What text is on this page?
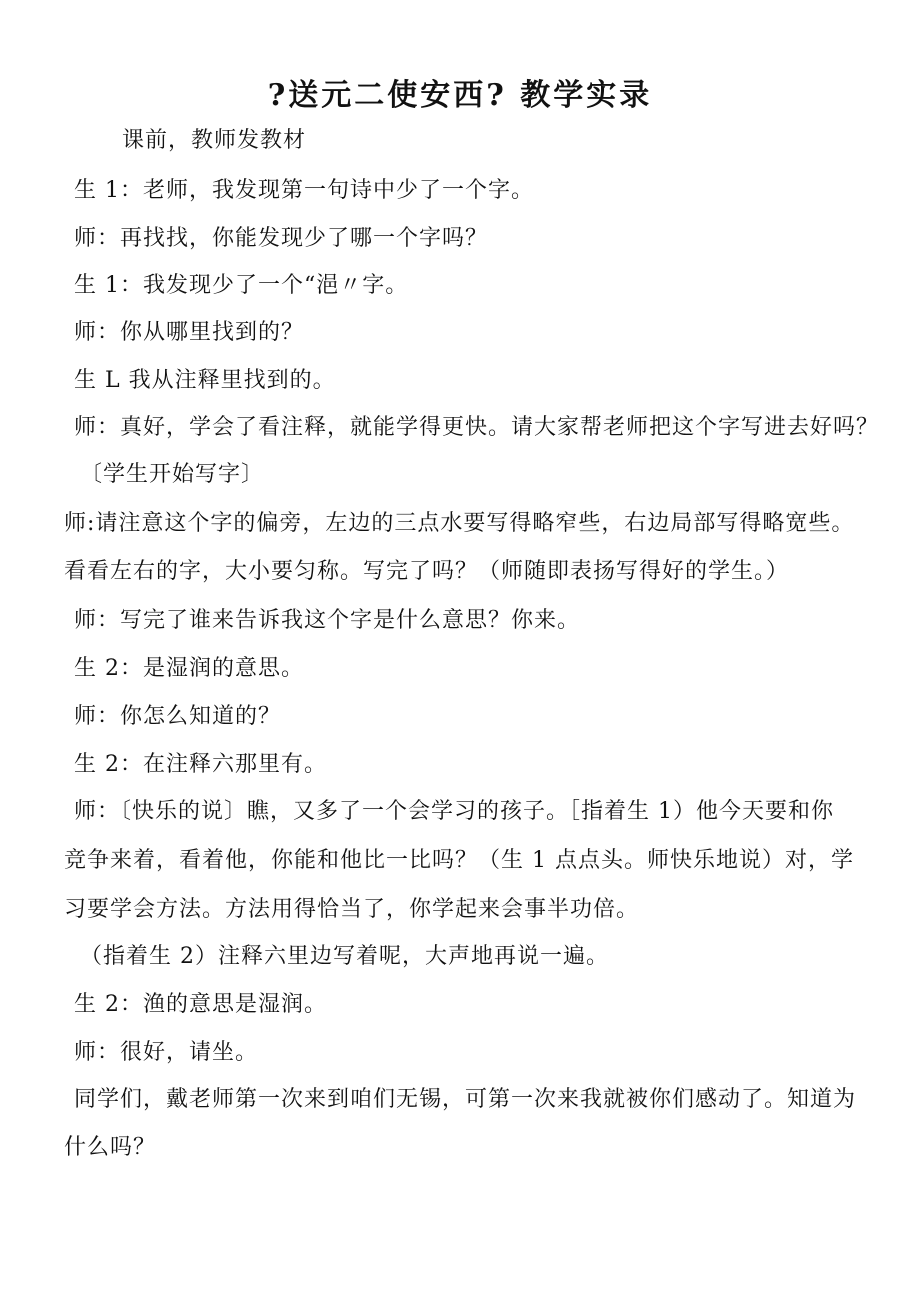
?送元二使安西? 教学实录
课前，教师发教材
生 1：老师，我发现第一句诗中少了一个字。
师：再找找，你能发现少了哪一个字吗？
生 1：我发现少了一个“浥〃字。
师：你从哪里找到的？
生 L 我从注释里找到的。
师：真好，学会了看注释，就能学得更快。请大家帮老师把这个字写进去好吗？
〔学生开始写字〕
师:请注意这个字的偏旁，左边的三点水要写得略窄些，右边局部写得略宽些。
看看左右的字，大小要匀称。写完了吗？（师随即表扬写得好的学生。）
师：写完了谁来告诉我这个字是什么意思？你来。
生 2：是湿润的意思。
师：你怎么知道的？
生 2：在注释六那里有。
师：〔快乐的说〕瞧，又多了一个会学习的孩子。［指着生 1）他今天要和你
竞争来着，看着他，你能和他比一比吗？（生 1 点点头。师快乐地说）对，学
习要学会方法。方法用得恰当了，你学起来会事半功倍。
（指着生 2）注释六里边写着呢，大声地再说一遍。
生 2：渔的意思是湿润。
师：很好，请坐。
同学们，戴老师第一次来到咱们无锡，可第一次来我就被你们感动了。知道为
什么吗？
